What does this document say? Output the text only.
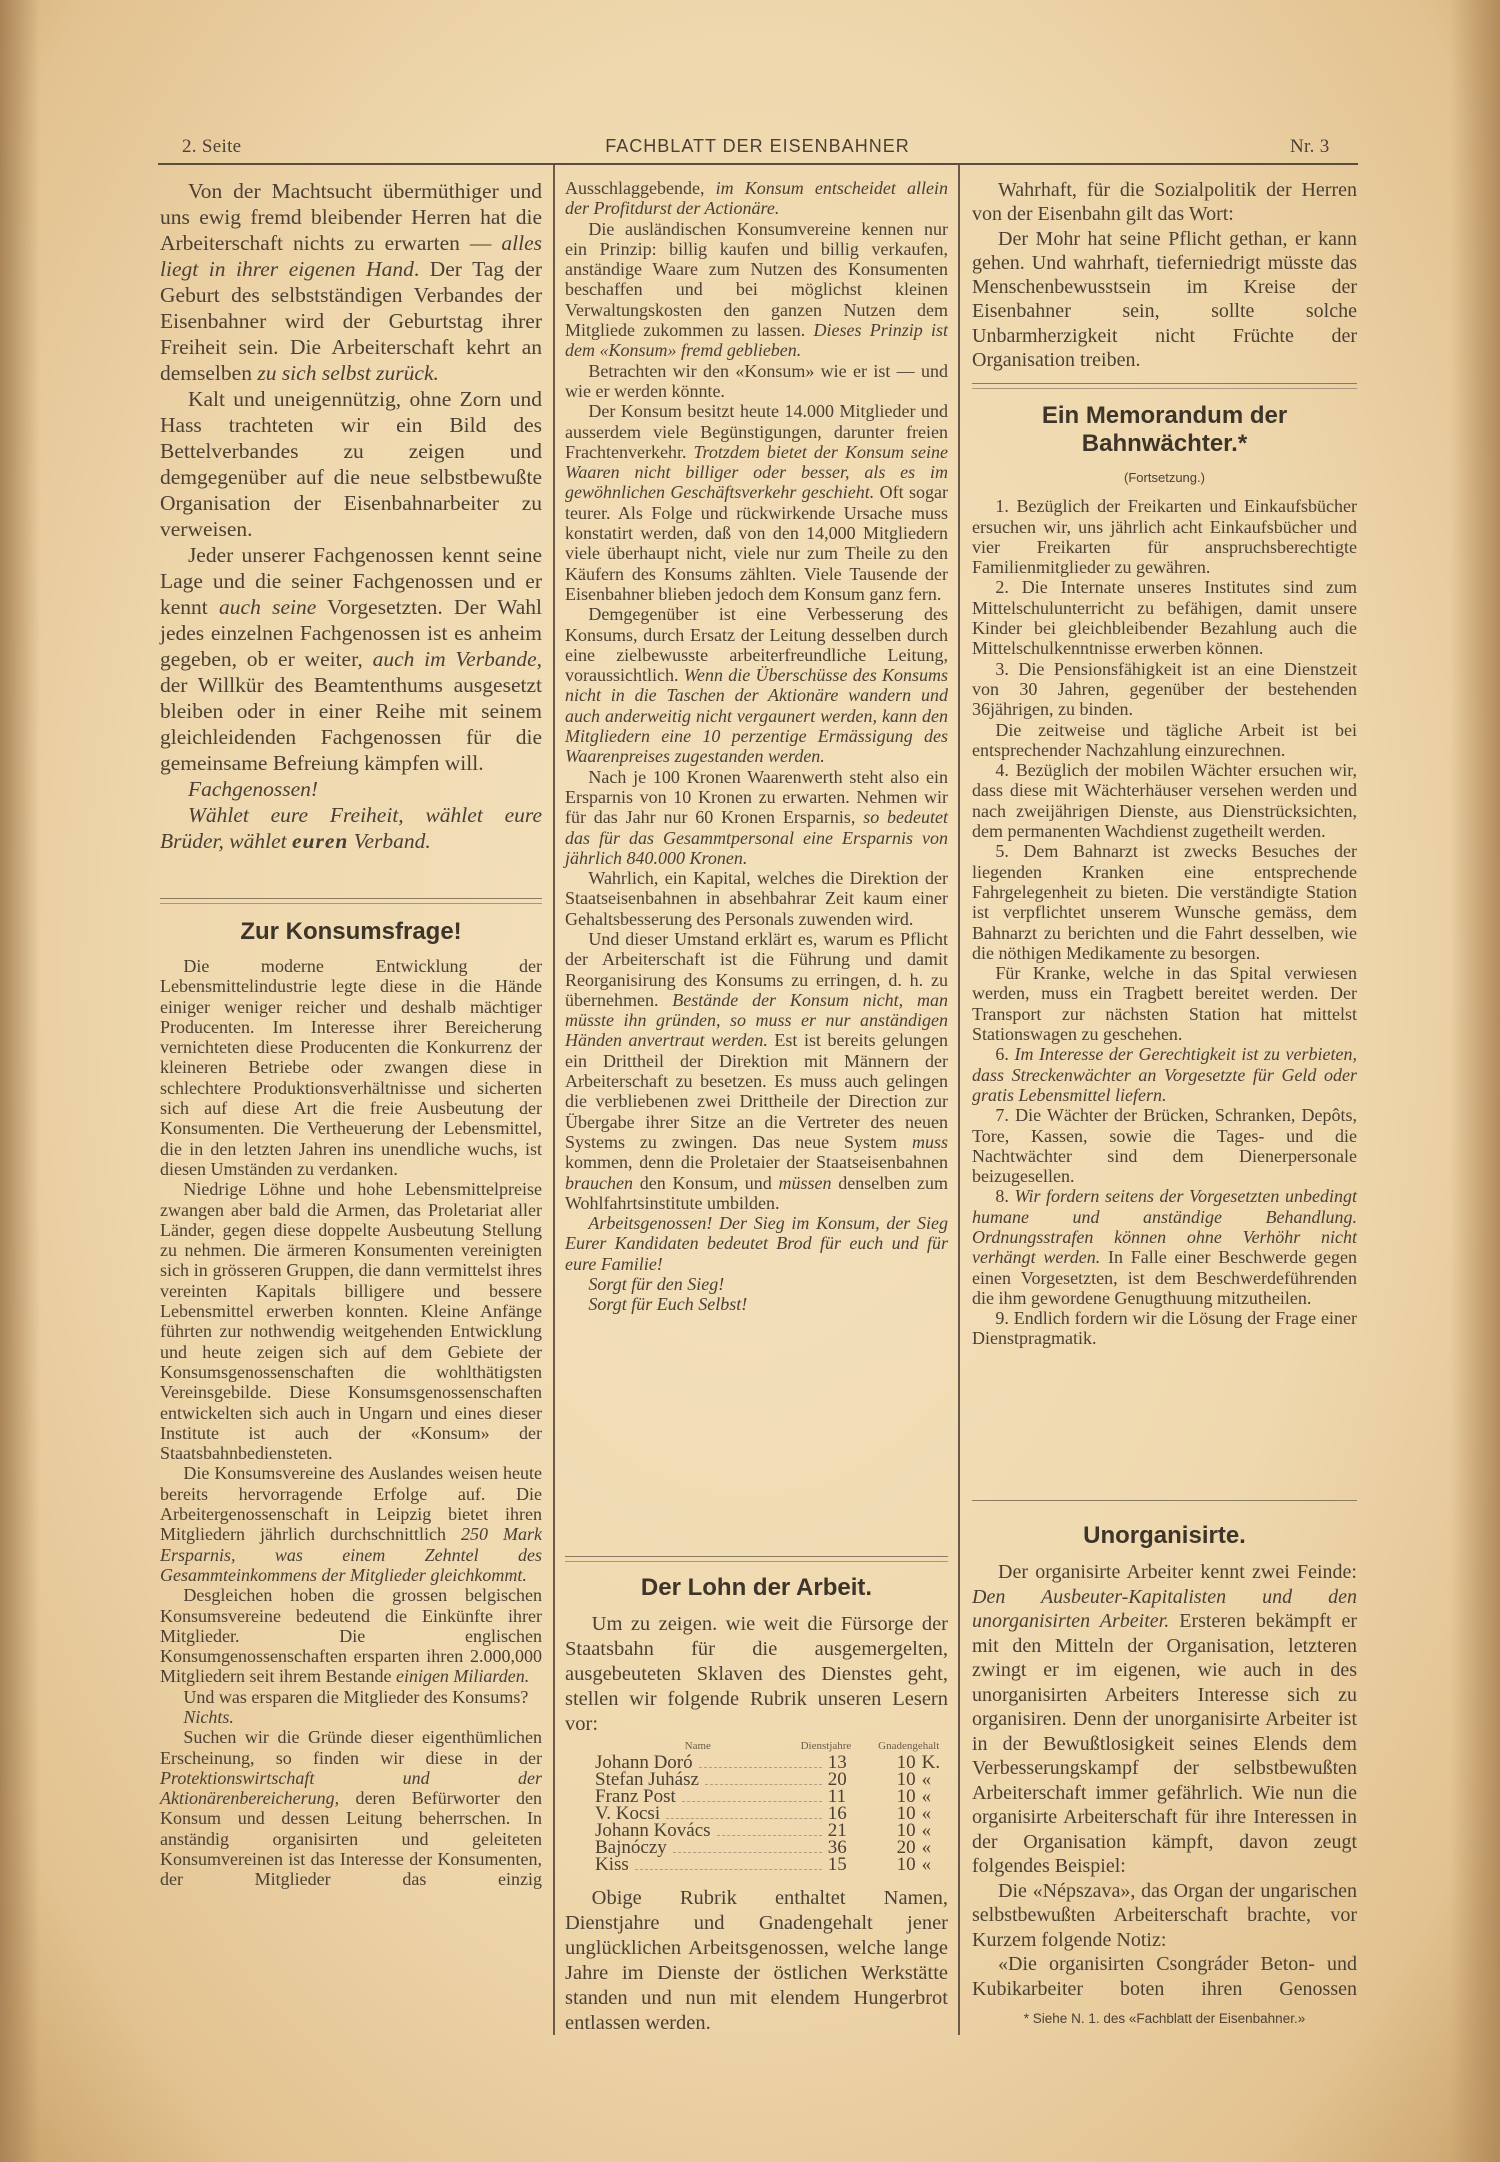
2. Seite	FACHBLATT DER EISENBAHNER	Nr. 3

Von der Machtsucht übermüthiger und uns ewig fremd bleibender Herren hat die Arbeiterschaft nichts zu erwarten — alles liegt in ihrer eigenen Hand. Der Tag der Geburt des selbstständigen Verbandes der Eisenbahner wird der Geburtstag ihrer Freiheit sein. Die Arbeiterschaft kehrt an demselben zu sich selbst zurück.

Kalt und uneigennützig, ohne Zorn und Hass trachteten wir ein Bild des Bettelverbandes zu zeigen und demgegenüber auf die neue selbstbewußte Organisation der Eisenbahnarbeiter zu verweisen.

Jeder unserer Fachgenossen kennt seine Lage und die seiner Fachgenossen und er kennt auch seine Vorgesetzten. Der Wahl jedes einzelnen Fachgenossen ist es anheim gegeben, ob er weiter, auch im Verbande, der Willkür des Beamtenthums ausgesetzt bleiben oder in einer Reihe mit seinem gleichleidenden Fachgenossen für die gemeinsame Befreiung kämpfen will.

Fachgenossen!

Wählet eure Freiheit, wählet eure Brüder, wählet euren Verband.

Zur Konsumsfrage!

Die moderne Entwicklung der Lebensmittelindustrie legte diese in die Hände einiger weniger reicher und deshalb mächtiger Producenten. Im Interesse ihrer Bereicherung vernichteten diese Producenten die Konkurrenz der kleineren Betriebe oder zwangen diese in schlechtere Produktionsverhältnisse und sicherten sich auf diese Art die freie Ausbeutung der Konsumenten. Die Vertheuerung der Lebensmittel, die in den letzten Jahren ins unendliche wuchs, ist diesen Umständen zu verdanken.

Niedrige Löhne und hohe Lebensmittelpreise zwangen aber bald die Armen, das Proletariat aller Länder, gegen diese doppelte Ausbeutung Stellung zu nehmen. Die ärmeren Konsumenten vereinigten sich in grösseren Gruppen, die dann vermittelst ihres vereinten Kapitals billigere und bessere Lebensmittel erwerben konnten. Kleine Anfänge führten zur nothwendig weitgehenden Entwicklung und heute zeigen sich auf dem Gebiete der Konsumsgenossenschaften die wohlthätigsten Vereinsgebilde. Diese Konsumsgenossenschaften entwickelten sich auch in Ungarn und eines dieser Institute ist auch der «Konsum» der Staatsbahnbediensteten.

Die Konsumsvereine des Auslandes weisen heute bereits hervorragende Erfolge auf. Die Arbeitergenossenschaft in Leipzig bietet ihren Mitgliedern jährlich durchschnittlich 250 Mark Ersparnis, was einem Zehntel des Gesammteinkommens der Mitglieder gleichkommt.

Desgleichen hoben die grossen belgischen Konsumsvereine bedeutend die Einkünfte ihrer Mitglieder. Die englischen Konsumgenossenschaften ersparten ihren 2.000,000 Mitgliedern seit ihrem Bestande einigen Miliarden.

Und was ersparen die Mitglieder des Konsums?

Nichts.

Suchen wir die Gründe dieser eigenthümlichen Erscheinung, so finden wir diese in der Protektionswirtschaft und der Aktionärenbereicherung, deren Befürworter den Konsum und dessen Leitung beherrschen. In anständig organisirten und geleiteten Konsumvereinen ist das Interesse der Konsumenten, der Mitglieder das einzig

Ausschlaggebende, im Konsum entscheidet allein der Profitdurst der Actionäre.

Die ausländischen Konsumvereine kennen nur ein Prinzip: billig kaufen und billig verkaufen, anständige Waare zum Nutzen des Konsumenten beschaffen und bei möglichst kleinen Verwaltungskosten den ganzen Nutzen dem Mitgliede zukommen zu lassen. Dieses Prinzip ist dem «Konsum» fremd geblieben.

Betrachten wir den «Konsum» wie er ist — und wie er werden könnte.

Der Konsum besitzt heute 14.000 Mitglieder und ausserdem viele Begünstigungen, darunter freien Frachtenverkehr. Trotzdem bietet der Konsum seine Waaren nicht billiger oder besser, als es im gewöhnlichen Geschäftsverkehr geschieht. Oft sogar teurer. Als Folge und rückwirkende Ursache muss konstatirt werden, daß von den 14,000 Mitgliedern viele überhaupt nicht, viele nur zum Theile zu den Käufern des Konsums zählten. Viele Tausende der Eisenbahner blieben jedoch dem Konsum ganz fern.

Demgegenüber ist eine Verbesserung des Konsums, durch Ersatz der Leitung desselben durch eine zielbewusste arbeiterfreundliche Leitung, voraussichtlich. Wenn die Überschüsse des Konsums nicht in die Taschen der Aktionäre wandern und auch anderweitig nicht vergaunert werden, kann den Mitgliedern eine 10 perzentige Ermässigung des Waarenpreises zugestanden werden.

Nach je 100 Kronen Waarenwerth steht also ein Ersparnis von 10 Kronen zu erwarten. Nehmen wir für das Jahr nur 60 Kronen Ersparnis, so bedeutet das für das Gesammtpersonal eine Ersparnis von jährlich 840.000 Kronen.

Wahrlich, ein Kapital, welches die Direktion der Staatseisenbahnen in absehbahrar Zeit kaum einer Gehaltsbesserung des Personals zuwenden wird.

Und dieser Umstand erklärt es, warum es Pflicht der Arbeiterschaft ist die Führung und damit Reorganisirung des Konsums zu erringen, d. h. zu übernehmen. Bestände der Konsum nicht, man müsste ihn gründen, so muss er nur anständigen Händen anvertraut werden. Est ist bereits gelungen ein Drittheil der Direktion mit Männern der Arbeiterschaft zu besetzen. Es muss auch gelingen die verbliebenen zwei Drittheile der Direction zur Übergabe ihrer Sitze an die Vertreter des neuen Systems zu zwingen. Das neue System muss kommen, denn die Proletaier der Staatseisenbahnen brauchen den Konsum, und müssen denselben zum Wohlfahrtsinstitute umbilden.

Arbeitsgenossen! Der Sieg im Konsum, der Sieg Eurer Kandidaten bedeutet Brod für euch und für eure Familie!

Sorgt für den Sieg!

Sorgt für Euch Selbst!

Der Lohn der Arbeit.

Um zu zeigen. wie weit die Fürsorge der Staatsbahn für die ausgemergelten, ausgebeuteten Sklaven des Dienstes geht, stellen wir folgende Rubrik unseren Lesern vor:

Name	Dienstjahre	Gnadengehalt
Johann Doró	13	10 K.
Stefan Juhász	20	10 «
Franz Post	11	10 «
V. Kocsi	16	10 «
Johann Kovács	21	10 «
Bajnóczy	36	20 «
Kiss	15	10 «

Obige Rubrik enthaltet Namen, Dienstjahre und Gnadengehalt jener unglücklichen Arbeitsgenossen, welche lange Jahre im Dienste der östlichen Werkstätte standen und nun mit elendem Hungerbrot entlassen werden.

Wahrhaft, für die Sozialpolitik der Herren von der Eisenbahn gilt das Wort:

Der Mohr hat seine Pflicht gethan, er kann gehen. Und wahrhaft, tieferniedrigt müsste das Menschenbewusstsein im Kreise der Eisenbahner sein, sollte solche Unbarmherzigkeit nicht Früchte der Organisation treiben.

Ein Memorandum der Bahnwächter.*
(Fortsetzung.)

1. Bezüglich der Freikarten und Einkaufsbücher ersuchen wir, uns jährlich acht Einkaufsbücher und vier Freikarten für anspruchsberechtigte Familienmitglieder zu gewähren.

2. Die Internate unseres Institutes sind zum Mittelschulunterricht zu befähigen, damit unsere Kinder bei gleichbleibender Bezahlung auch die Mittelschulkenntnisse erwerben können.

3. Die Pensionsfähigkeit ist an eine Dienstzeit von 30 Jahren, gegenüber der bestehenden 36jährigen, zu binden.

Die zeitweise und tägliche Arbeit ist bei entsprechender Nachzahlung einzurechnen.

4. Bezüglich der mobilen Wächter ersuchen wir, dass diese mit Wächterhäuser versehen werden und nach zweijährigen Dienste, aus Dienstrücksichten, dem permanenten Wachdienst zugetheilt werden.

5. Dem Bahnarzt ist zwecks Besuches der liegenden Kranken eine entsprechende Fahrgelegenheit zu bieten. Die verständigte Station ist verpflichtet unserem Wunsche gemäss, dem Bahnarzt zu berichten und die Fahrt desselben, wie die nöthigen Medikamente zu besorgen.

Für Kranke, welche in das Spital verwiesen werden, muss ein Tragbett bereitet werden. Der Transport zur nächsten Station hat mittelst Stationswagen zu geschehen.

6. Im Interesse der Gerechtigkeit ist zu verbieten, dass Streckenwächter an Vorgesetzte für Geld oder gratis Lebensmittel liefern.

7. Die Wächter der Brücken, Schranken, Depôts, Tore, Kassen, sowie die Tages- und die Nachtwächter sind dem Dienerpersonale beizugesellen.

8. Wir fordern seitens der Vorgesetzten unbedingt humane und anständige Behandlung. Ordnungsstrafen können ohne Verhöhr nicht verhängt werden. In Falle einer Beschwerde gegen einen Vorgesetzten, ist dem Beschwerdeführenden die ihm gewordene Genugthuung mitzutheilen.

9. Endlich fordern wir die Lösung der Frage einer Dienstpragmatik.

Unorganisirte.

Der organisirte Arbeiter kennt zwei Feinde: Den Ausbeuter-Kapitalisten und den unorganisirten Arbeiter. Ersteren bekämpft er mit den Mitteln der Organisation, letzteren zwingt er im eigenen, wie auch in des unorganisirten Arbeiters Interesse sich zu organisiren. Denn der unorganisirte Arbeiter ist in der Bewußtlosigkeit seines Elends dem Verbesserungskampf der selbstbewußten Arbeiterschaft immer gefährlich. Wie nun die organisirte Arbeiterschaft für ihre Interessen in der Organisation kämpft, davon zeugt folgendes Beispiel:

Die «Népszava», das Organ der ungarischen selbstbewußten Arbeiterschaft brachte, vor Kurzem folgende Notiz:

«Die organisirten Csongráder Beton- und Kubikarbeiter boten ihren Genossen

* Siehe N. 1. des «Fachblatt der Eisenbahner.»
